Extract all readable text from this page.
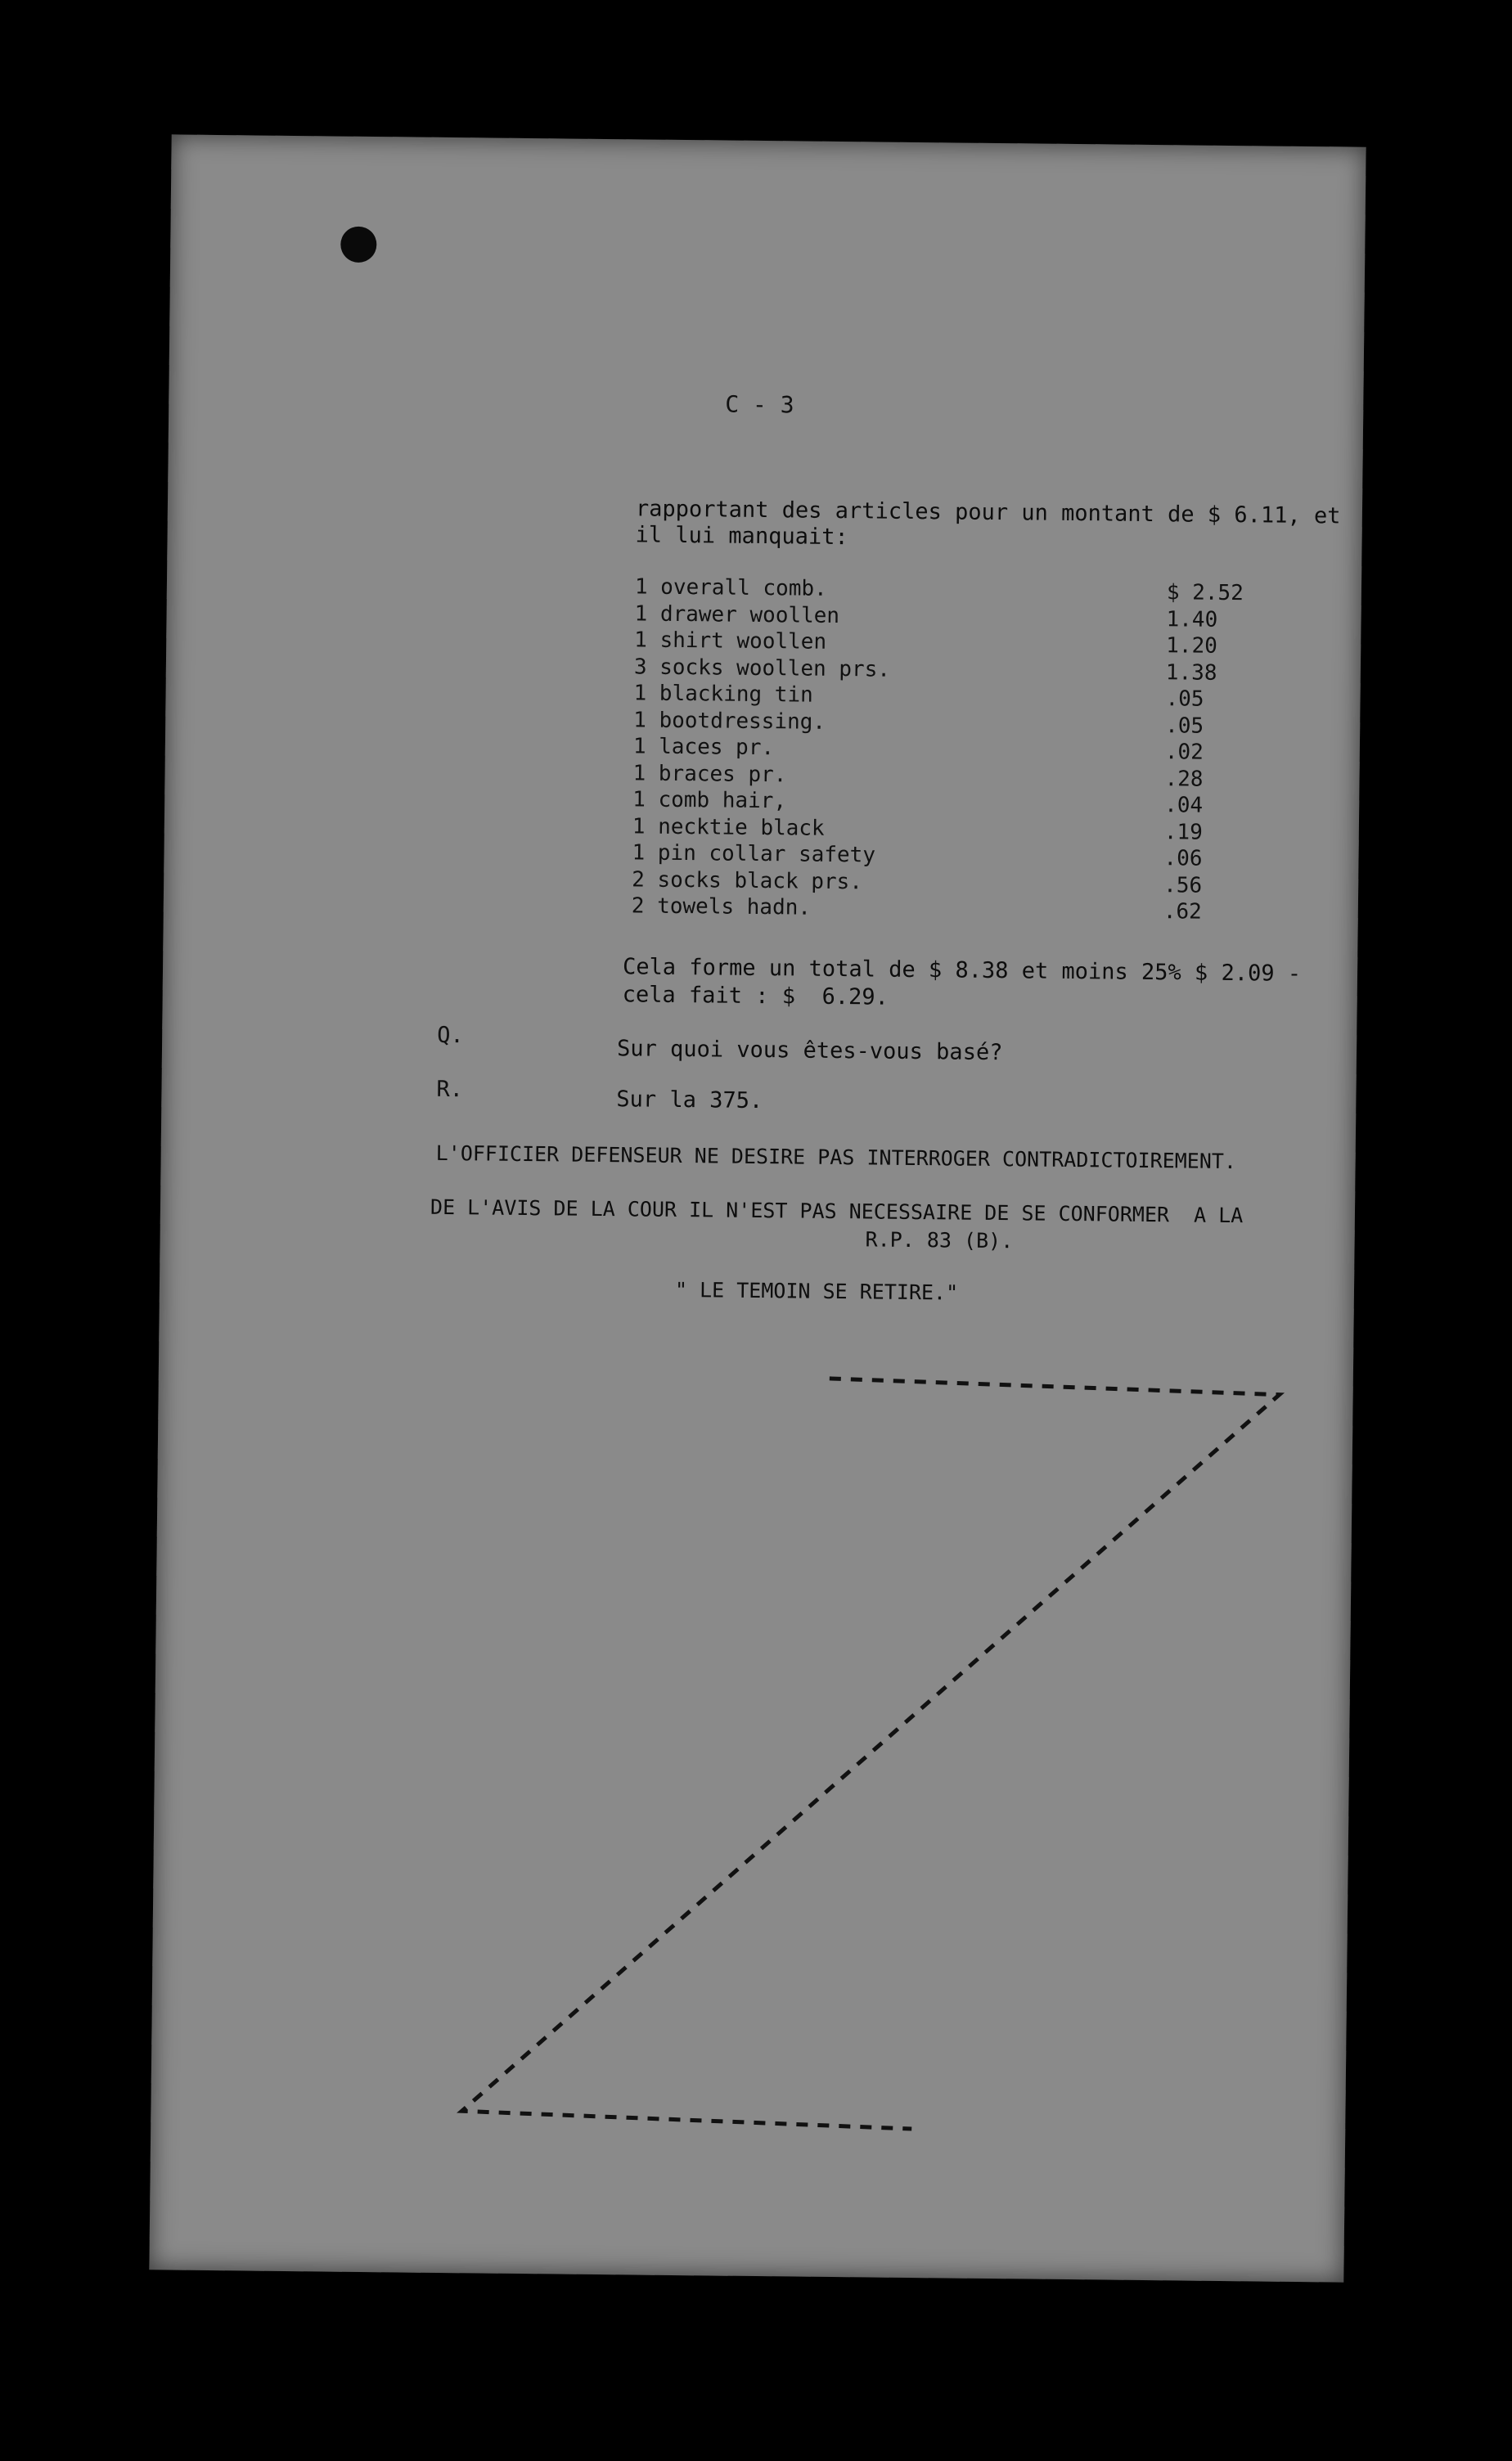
C - 3
rapportant des articles pour un montant de $ 6.11, et
il lui manquait:
1 overall comb.	$ 2.52
1 drawer woollen	1.40
1 shirt woollen	1.20
3 socks woollen prs.	1.38
1 blacking tin	.05
1 bootdressing.	.05
1 laces pr.	.02
1 braces pr.	.28
1 comb hair,	.04
1 necktie black	.19
1 pin collar safety	.06
2 socks black prs.	.56
2 towels hadn.	.62
Cela forme un total de $ 8.38 et moins 25% $ 2.09 -
cela fait : $  6.29.
Q.
Sur quoi vous êtes-vous basé?
R.	Sur la 375.
L'OFFICIER DEFENSEUR NE DESIRE PAS INTERROGER CONTRADICTOIREMENT.
DE L'AVIS DE LA COUR IL N'EST PAS NECESSAIRE DE SE CONFORMER  A LA
R.P. 83 (B).
" LE TEMOIN SE RETIRE."
